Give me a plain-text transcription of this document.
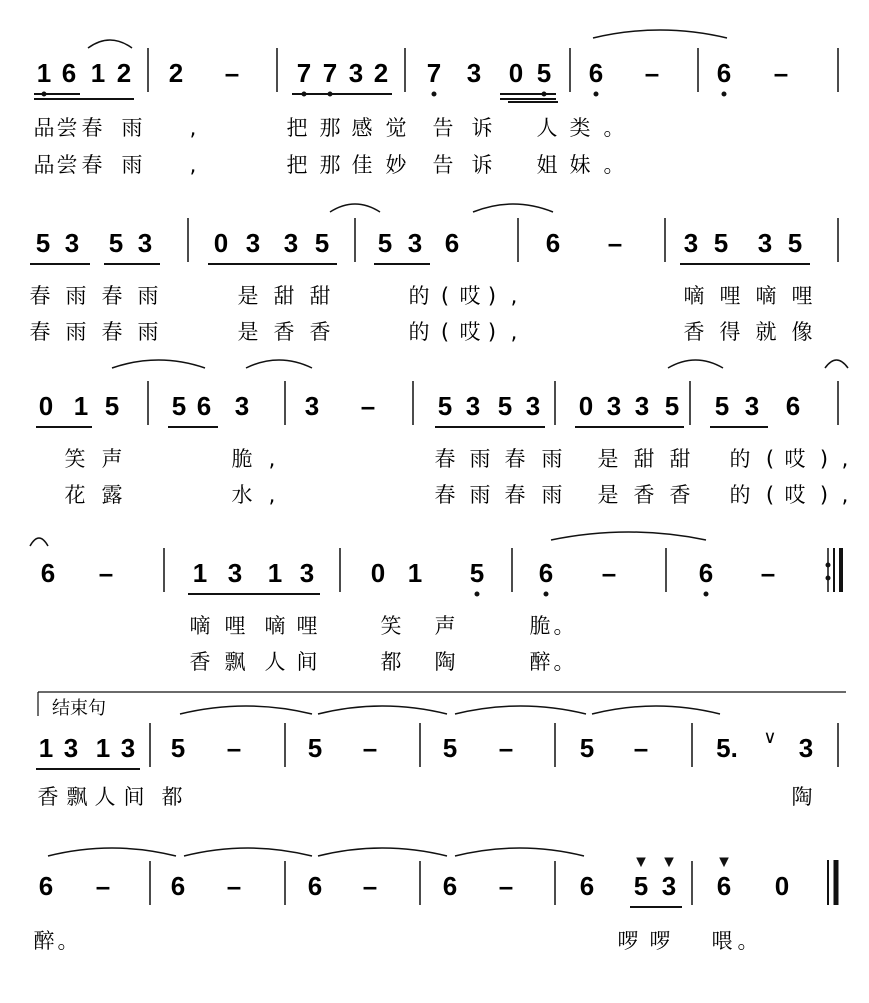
1 6 1 2 2 – 7 7 3 2 7 3 0 5 6 – 6 –
品 尝 春 雨 ,	把 那 感 觉 告 诉 人 类 。
品 尝 春 雨 ,	把 那 佳 妙 告 诉 姐 妹 。
5 3 5 3 0 3 3 5 5 3 6	6 – 3 5 3 5
春 雨 春 雨	是 甜 甜	的 ( 哎 ) ,	嘀 哩 嘀 哩
春 雨 春 雨	是 香 香	的 ( 哎 ) ,	香 得 就 像
0 1 5 5 6 3 3 – 5 3 5 3 0 3 3 5 5 3 6
笑 声	脆 ,	春 雨 春 雨 是 甜 甜 的 ( 哎 ) ,
花 露	水 ,	春 雨 春 雨 是 香 香 的 ( 哎 ) ,
6 –	1 3 1 3 0 1 5 6 –	6 –
嘀 哩 嘀 哩	笑 声	脆 。
香 飘 人 间	都 陶	醉 。
1 3 1 3 5 –	5 –	5 –	5 –	5. ∨ 3
香 飘 人 间 都	陶
6 – 6 –	6 –	6 –	6 5 3 6 0
醉 。	啰 啰 喂 。
结束句
